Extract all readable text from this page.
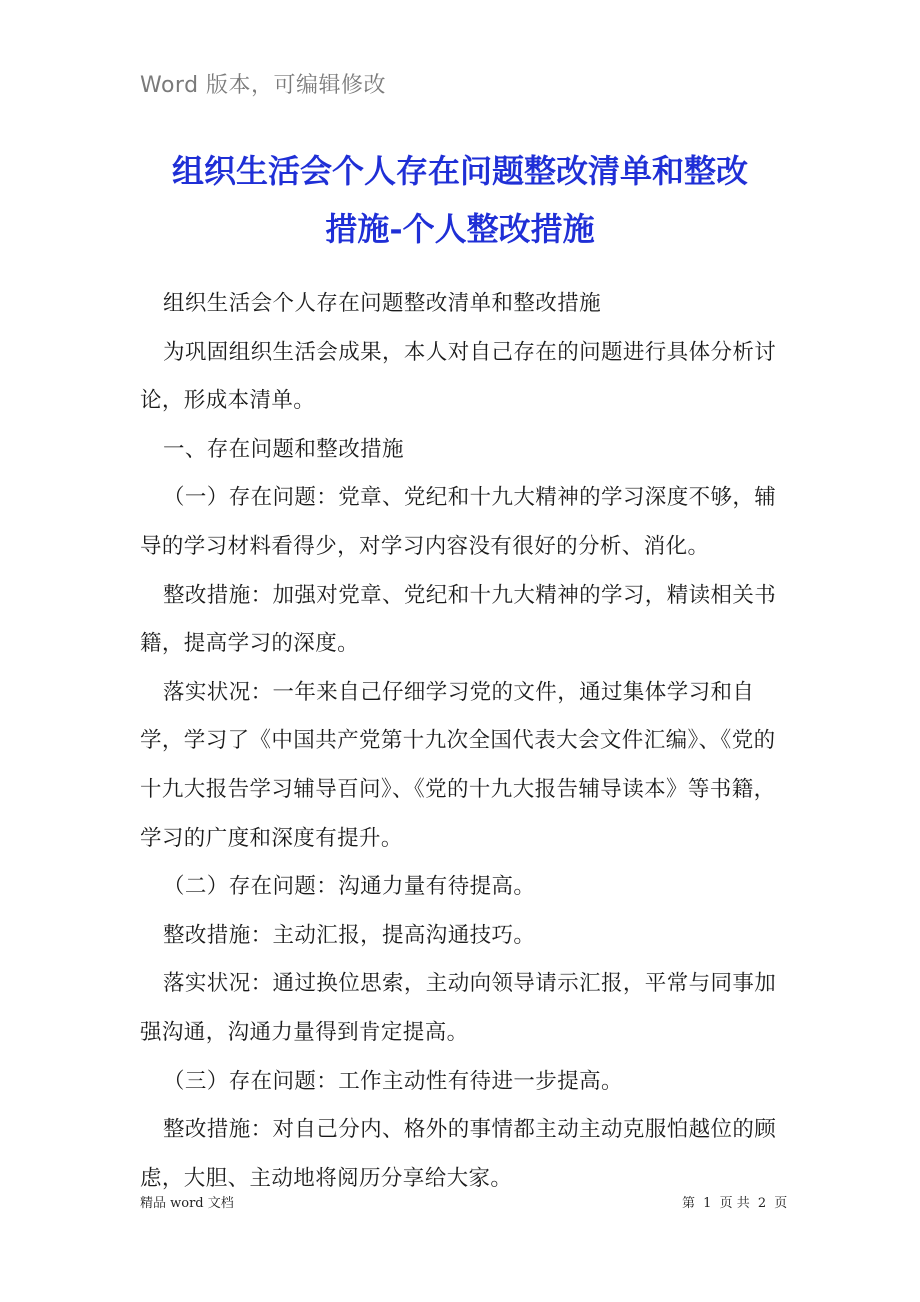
Word 版本，可编辑修改
组织生活会个人存在问题整改清单和整改
措施-个人整改措施

组织生活会个人存在问题整改清单和整改措施

为巩固组织生活会成果，本人对自己存在的问题进行具体分析讨论，形成本清单。

一、存在问题和整改措施

（一）存在问题：党章、党纪和十九大精神的学习深度不够，辅导的学习材料看得少，对学习内容没有很好的分析、消化。

整改措施：加强对党章、党纪和十九大精神的学习，精读相关书籍，提高学习的深度。

落实状况：一年来自己仔细学习党的文件，通过集体学习和自学，学习了《中国共产党第十九次全国代表大会文件汇编》、《党的十九大报告学习辅导百问》、《党的十九大报告辅导读本》等书籍，学习的广度和深度有提升。

（二）存在问题：沟通力量有待提高。

整改措施：主动汇报，提高沟通技巧。

落实状况：通过换位思索，主动向领导请示汇报，平常与同事加强沟通，沟通力量得到肯定提高。

（三）存在问题：工作主动性有待进一步提高。

整改措施：对自己分内、格外的事情都主动主动克服怕越位的顾虑，大胆、主动地将阅历分享给大家。

精品 word 文档	第 1 页 共 2 页
